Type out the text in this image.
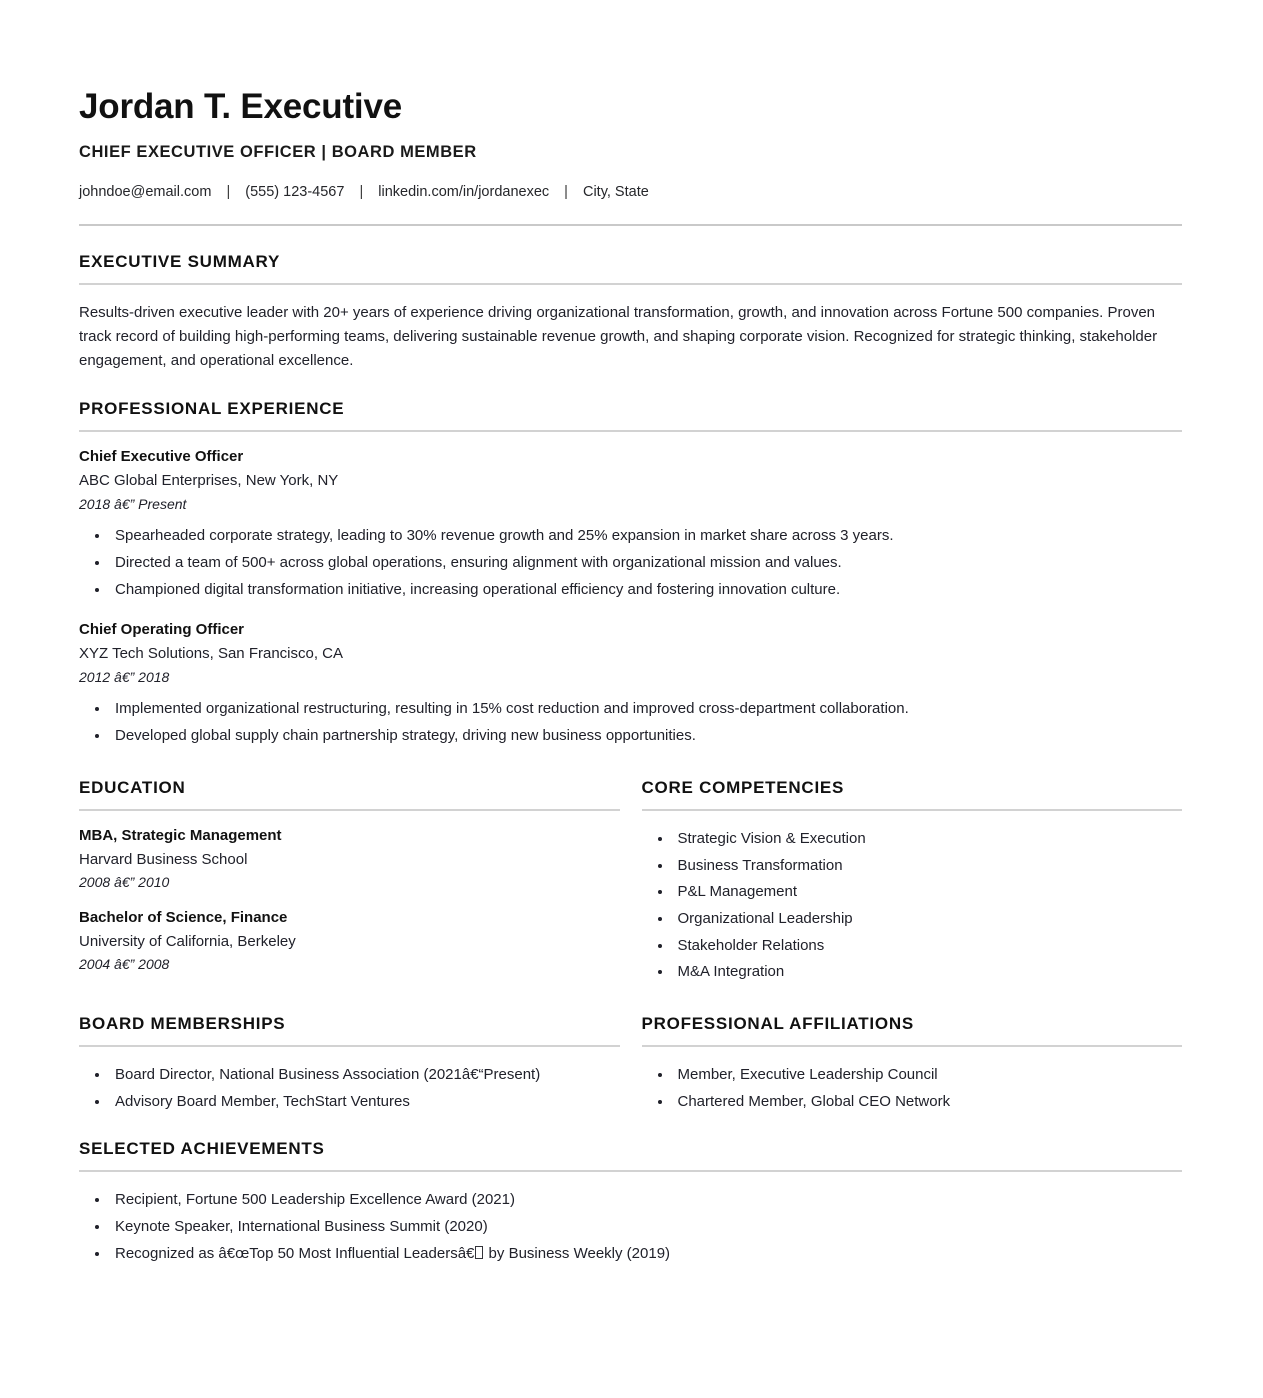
Jordan T. Executive
CHIEF EXECUTIVE OFFICER | BOARD MEMBER
johndoe@email.com | (555) 123-4567 | linkedin.com/in/jordanexec | City, State
EXECUTIVE SUMMARY

Results-driven executive leader with 20+ years of experience driving organizational transformation, growth, and innovation across Fortune 500 companies. Proven track record of building high-performing teams, delivering sustainable revenue growth, and shaping corporate vision. Recognized for strategic thinking, stakeholder engagement, and operational excellence.

PROFESSIONAL EXPERIENCE
Chief Executive Officer
ABC Global Enterprises, New York, NY
2018 â€” Present
• Spearheaded corporate strategy, leading to 30% revenue growth and 25% expansion in market share across 3 years.
• Directed a team of 500+ across global operations, ensuring alignment with organizational mission and values.
• Championed digital transformation initiative, increasing operational efficiency and fostering innovation culture.
Chief Operating Officer
XYZ Tech Solutions, San Francisco, CA
2012 â€” 2018
• Implemented organizational restructuring, resulting in 15% cost reduction and improved cross-department collaboration.
• Developed global supply chain partnership strategy, driving new business opportunities.
EDUCATION
MBA, Strategic Management
Harvard Business School
2008 â€” 2010
Bachelor of Science, Finance
University of California, Berkeley
2004 â€” 2008
CORE COMPETENCIES
• Strategic Vision & Execution
• Business Transformation
• P&L Management
• Organizational Leadership
• Stakeholder Relations
• M&A Integration
BOARD MEMBERSHIPS
• Board Director, National Business Association (2021â€“Present)
• Advisory Board Member, TechStart Ventures
PROFESSIONAL AFFILIATIONS
• Member, Executive Leadership Council
• Chartered Member, Global CEO Network
SELECTED ACHIEVEMENTS
• Recipient, Fortune 500 Leadership Excellence Award (2021)
• Keynote Speaker, International Business Summit (2020)
• Recognized as â€œTop 50 Most Influential Leadersâ€ by Business Weekly (2019)
